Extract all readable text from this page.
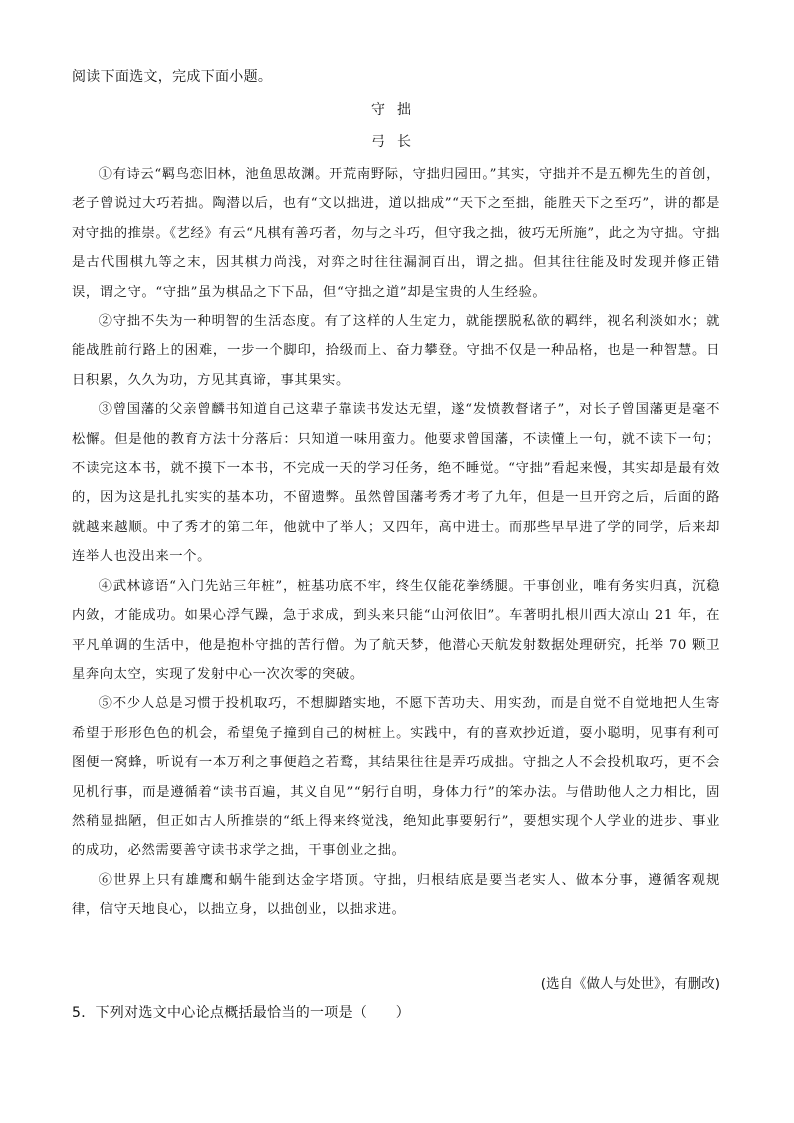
阅读下面选文，完成下面小题。
守拙
弓长

①有诗云“羁鸟恋旧林，池鱼思故渊。开荒南野际，守拙归园田。”其实，守拙并不是五柳先生的首创，老子曾说过大巧若拙。陶潜以后，也有“文以拙进，道以拙成”“天下之至拙，能胜天下之至巧”，讲的都是对守拙的推崇。《艺经》有云“凡棋有善巧者，勿与之斗巧，但守我之拙，彼巧无所施”，此之为守拙。守拙是古代围棋九等之末，因其棋力尚浅，对弈之时往往漏洞百出，谓之拙。但其往往能及时发现并修正错误，谓之守。“守拙”虽为棋品之下下品，但“守拙之道”却是宝贵的人生经验。

②守拙不失为一种明智的生活态度。有了这样的人生定力，就能摆脱私欲的羁绊，视名利淡如水；就能战胜前行路上的困难，一步一个脚印，拾级而上、奋力攀登。守拙不仅是一种品格，也是一种智慧。日日积累，久久为功，方见其真谛，事其果实。

③曾国藩的父亲曾麟书知道自己这辈子靠读书发达无望，遂“发愤教督诸子”，对长子曾国藩更是毫不松懈。但是他的教育方法十分落后：只知道一味用蛮力。他要求曾国藩，不读懂上一句，就不读下一句；不读完这本书，就不摸下一本书，不完成一天的学习任务，绝不睡觉。“守拙”看起来慢，其实却是最有效的，因为这是扎扎实实的基本功，不留遗弊。虽然曾国藩考秀才考了九年，但是一旦开窍之后，后面的路就越来越顺。中了秀才的第二年，他就中了举人；又四年，高中进士。而那些早早进了学的同学，后来却连举人也没出来一个。

④武林谚语“入门先站三年桩”，桩基功底不牢，终生仅能花拳绣腿。干事创业，唯有务实归真，沉稳内敛，才能成功。如果心浮气躁，急于求成，到头来只能“山河依旧”。车著明扎根川西大凉山 21 年，在平凡单调的生活中，他是抱朴守拙的苦行僧。为了航天梦，他潜心天航发射数据处理研究，托举 70 颗卫星奔向太空，实现了发射中心一次次零的突破。

⑤不少人总是习惯于投机取巧，不想脚踏实地，不愿下苦功夫、用实劲，而是自觉不自觉地把人生寄希望于形形色色的机会，希望兔子撞到自己的树桩上。实践中，有的喜欢抄近道，耍小聪明，见事有利可图便一窝蜂，听说有一本万利之事便趋之若鹜，其结果往往是弄巧成拙。守拙之人不会投机取巧，更不会见机行事，而是遵循着“读书百遍，其义自见”“躬行自明，身体力行”的笨办法。与借助他人之力相比，固然稍显拙陋，但正如古人所推崇的“纸上得来终觉浅，绝知此事要躬行”，要想实现个人学业的进步、事业的成功，必然需要善守读书求学之拙，干事创业之拙。

⑥世界上只有雄鹰和蜗牛能到达金字塔顶。守拙，归根结底是要当老实人、做本分事，遵循客观规律，信守天地良心，以拙立身，以拙创业，以拙求进。

(选自《做人与处世》，有删改)
5．下列对选文中心论点概括最恰当的一项是（　　）
